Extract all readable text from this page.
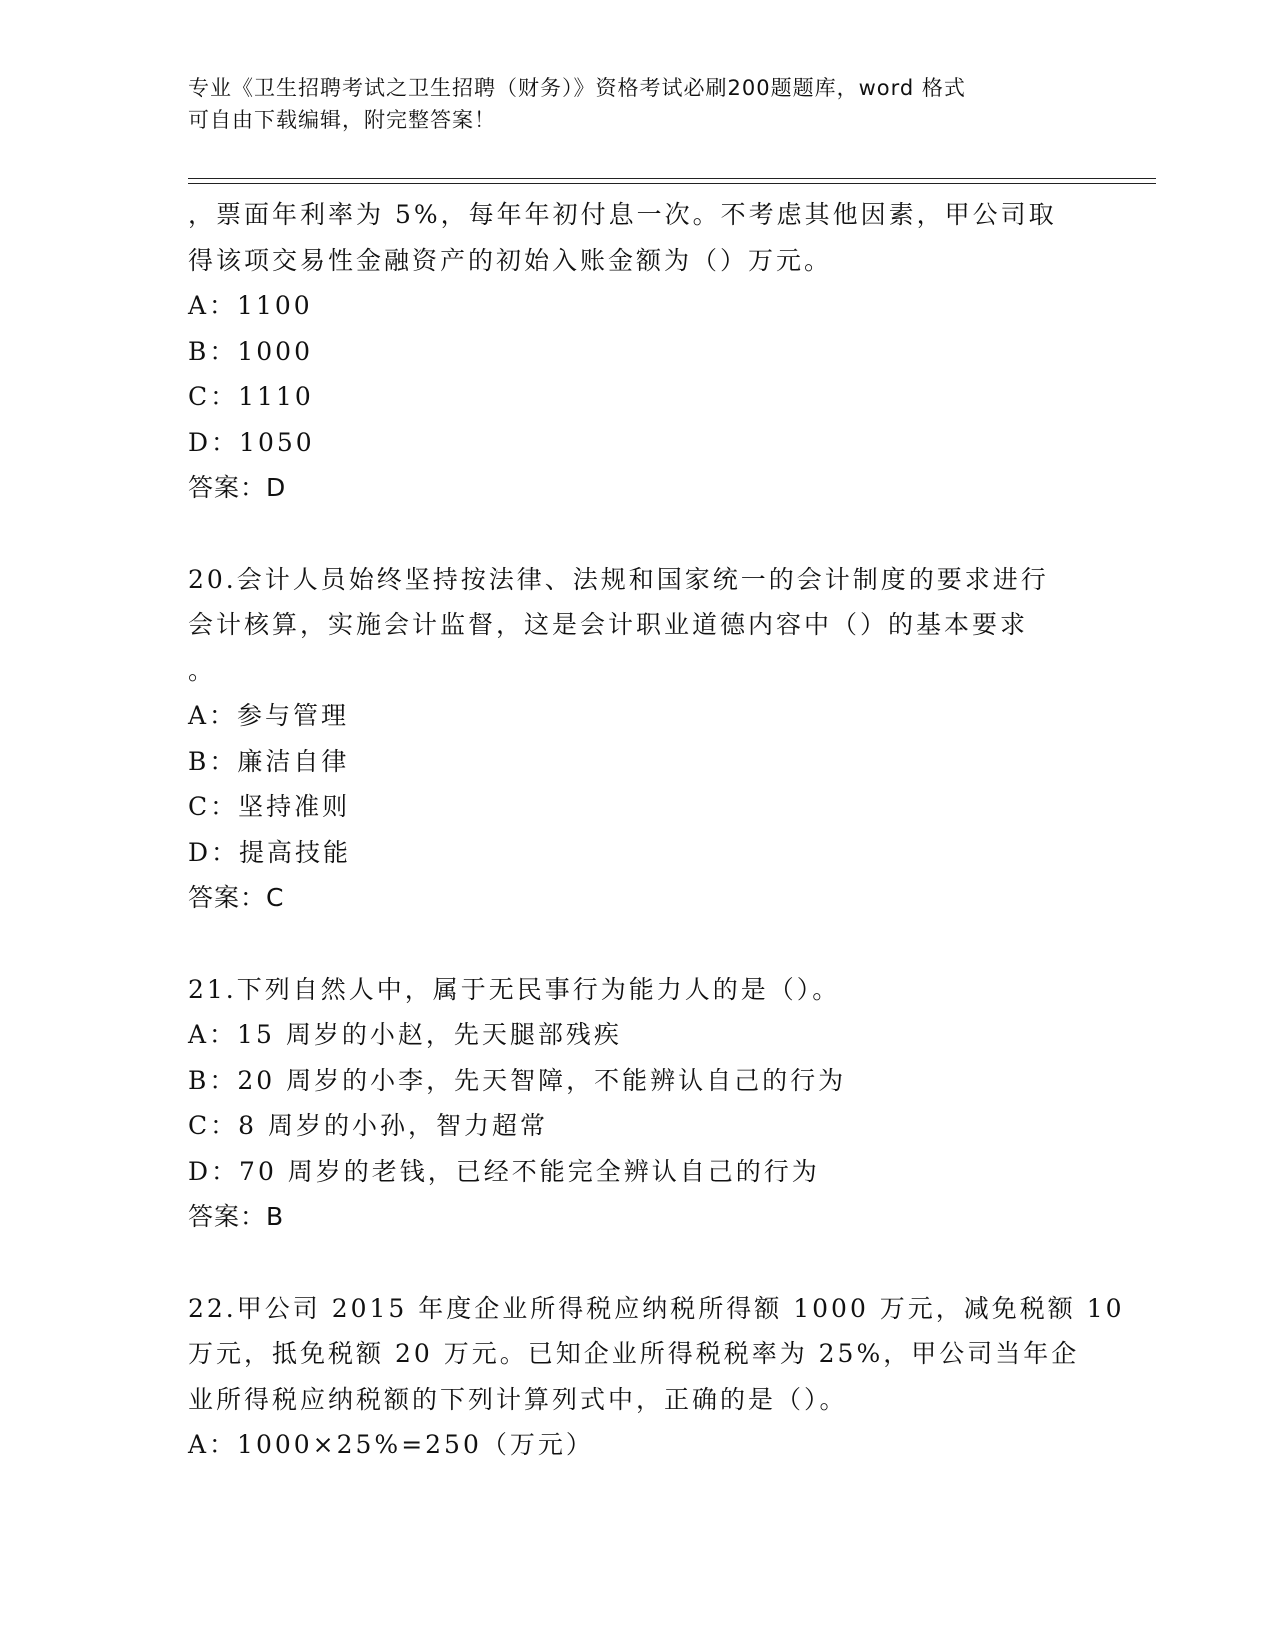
专业《卫生招聘考试之卫生招聘（财务）》资格考试必刷200题题库，word 格式
可自由下载编辑，附完整答案！
，票面年利率为 5%，每年年初付息一次。不考虑其他因素，甲公司取
得该项交易性金融资产的初始入账金额为（）万元。
A：1100
B：1000
C：1110
D：1050
答案：D
20.会计人员始终坚持按法律、法规和国家统一的会计制度的要求进行
会计核算，实施会计监督，这是会计职业道德内容中（）的基本要求
。
A：参与管理
B：廉洁自律
C：坚持准则
D：提高技能
答案：C
21.下列自然人中，属于无民事行为能力人的是（）。
A：15 周岁的小赵，先天腿部残疾
B：20 周岁的小李，先天智障，不能辨认自己的行为
C：8 周岁的小孙，智力超常
D：70 周岁的老钱，已经不能完全辨认自己的行为
答案：B
22.甲公司 2015 年度企业所得税应纳税所得额 1000 万元，减免税额 10
万元，抵免税额 20 万元。已知企业所得税税率为 25%，甲公司当年企
业所得税应纳税额的下列计算列式中，正确的是（）。
A：1000×25%=250（万元）
